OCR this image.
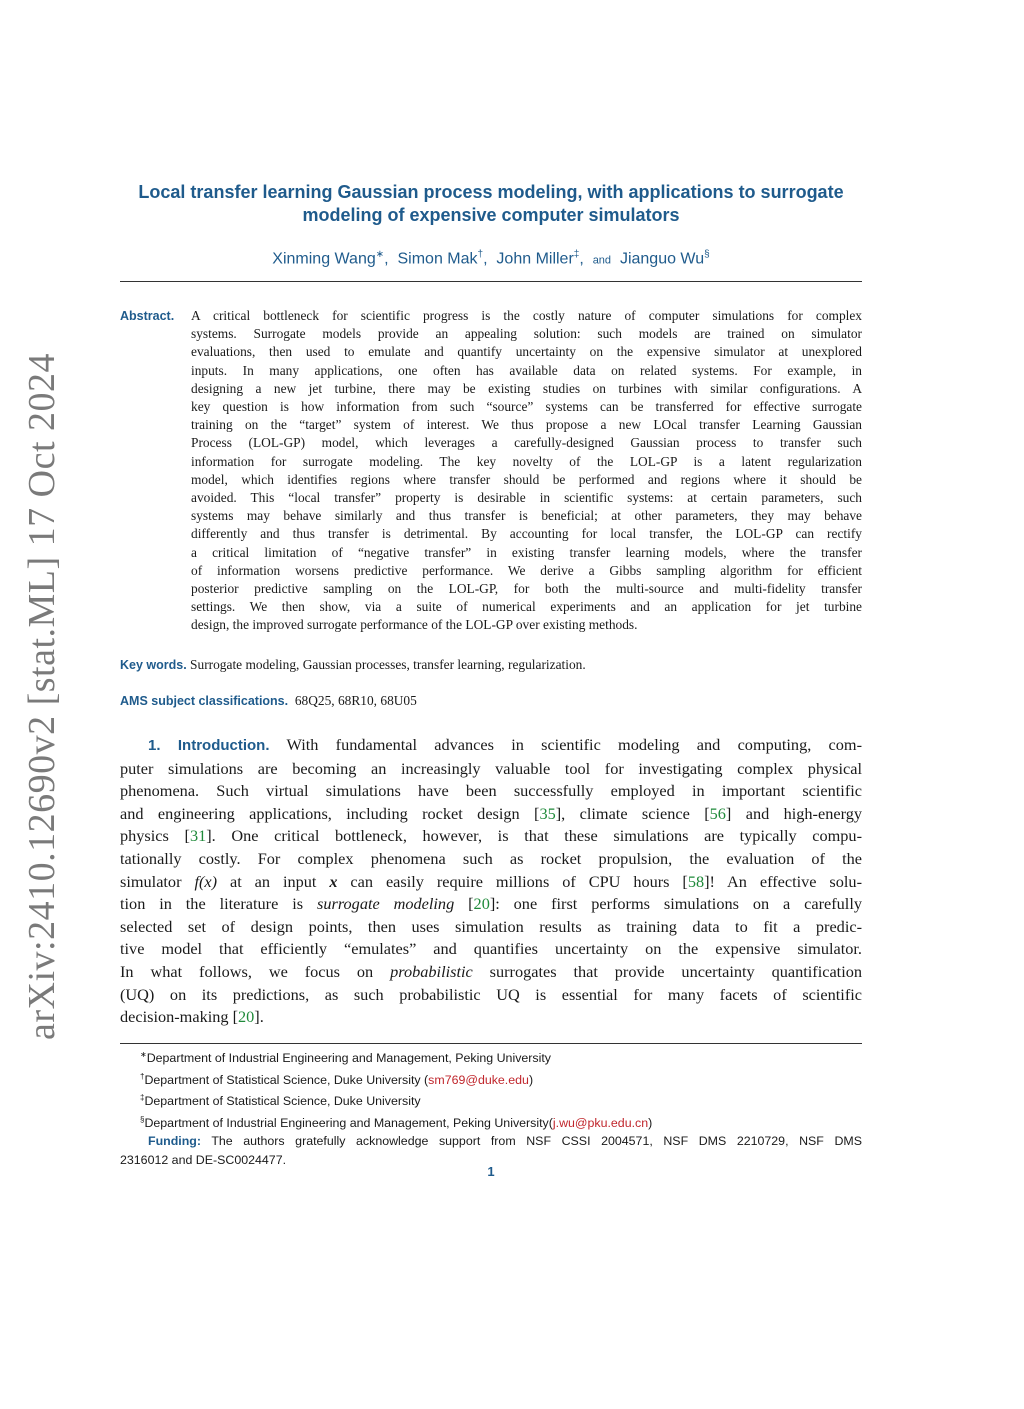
arXiv:2410.12690v2 [stat.ML] 17 Oct 2024
Local transfer learning Gaussian process modeling, with applications to surrogate
modeling of expensive computer simulators
Xinming Wang∗,  Simon Mak†,  John Miller‡,  and Jianguo Wu§
Abstract. A critical bottleneck for scientific progress is the costly nature of computer simulations for complex
systems. Surrogate models provide an appealing solution: such models are trained on simulator
evaluations, then used to emulate and quantify uncertainty on the expensive simulator at unexplored
inputs. In many applications, one often has available data on related systems. For example, in
designing a new jet turbine, there may be existing studies on turbines with similar configurations. A
key question is how information from such “source” systems can be transferred for effective surrogate
training on the “target” system of interest. We thus propose a new LOcal transfer Learning Gaussian
Process (LOL-GP) model, which leverages a carefully-designed Gaussian process to transfer such
information for surrogate modeling. The key novelty of the LOL-GP is a latent regularization
model, which identifies regions where transfer should be performed and regions where it should be
avoided. This “local transfer” property is desirable in scientific systems: at certain parameters, such
systems may behave similarly and thus transfer is beneficial; at other parameters, they may behave
differently and thus transfer is detrimental. By accounting for local transfer, the LOL-GP can rectify
a critical limitation of “negative transfer” in existing transfer learning models, where the transfer
of information worsens predictive performance. We derive a Gibbs sampling algorithm for efficient
posterior predictive sampling on the LOL-GP, for both the multi-source and multi-fidelity transfer
settings. We then show, via a suite of numerical experiments and an application for jet turbine
design, the improved surrogate performance of the LOL-GP over existing methods.
Key words. Surrogate modeling, Gaussian processes, transfer learning, regularization.
AMS subject classifications. 68Q25, 68R10, 68U05
1. Introduction. With fundamental advances in scientific modeling and computing, com-
puter simulations are becoming an increasingly valuable tool for investigating complex physical
phenomena. Such virtual simulations have been successfully employed in important scientific
and engineering applications, including rocket design [35], climate science [56] and high-energy
physics [31]. One critical bottleneck, however, is that these simulations are typically compu-
tationally costly. For complex phenomena such as rocket propulsion, the evaluation of the
simulator f(x) at an input x can easily require millions of CPU hours [58]! An effective solu-
tion in the literature is surrogate modeling [20]: one first performs simulations on a carefully
selected set of design points, then uses simulation results as training data to fit a predic-
tive model that efficiently “emulates” and quantifies uncertainty on the expensive simulator.
In what follows, we focus on probabilistic surrogates that provide uncertainty quantification
(UQ) on its predictions, as such probabilistic UQ is essential for many facets of scientific
decision-making [20].
∗Department of Industrial Engineering and Management, Peking University
†Department of Statistical Science, Duke University (sm769@duke.edu)
‡Department of Statistical Science, Duke University
§Department of Industrial Engineering and Management, Peking University(j.wu@pku.edu.cn)
Funding: The authors gratefully acknowledge support from NSF CSSI 2004571, NSF DMS 2210729, NSF DMS
2316012 and DE-SC0024477.
1
